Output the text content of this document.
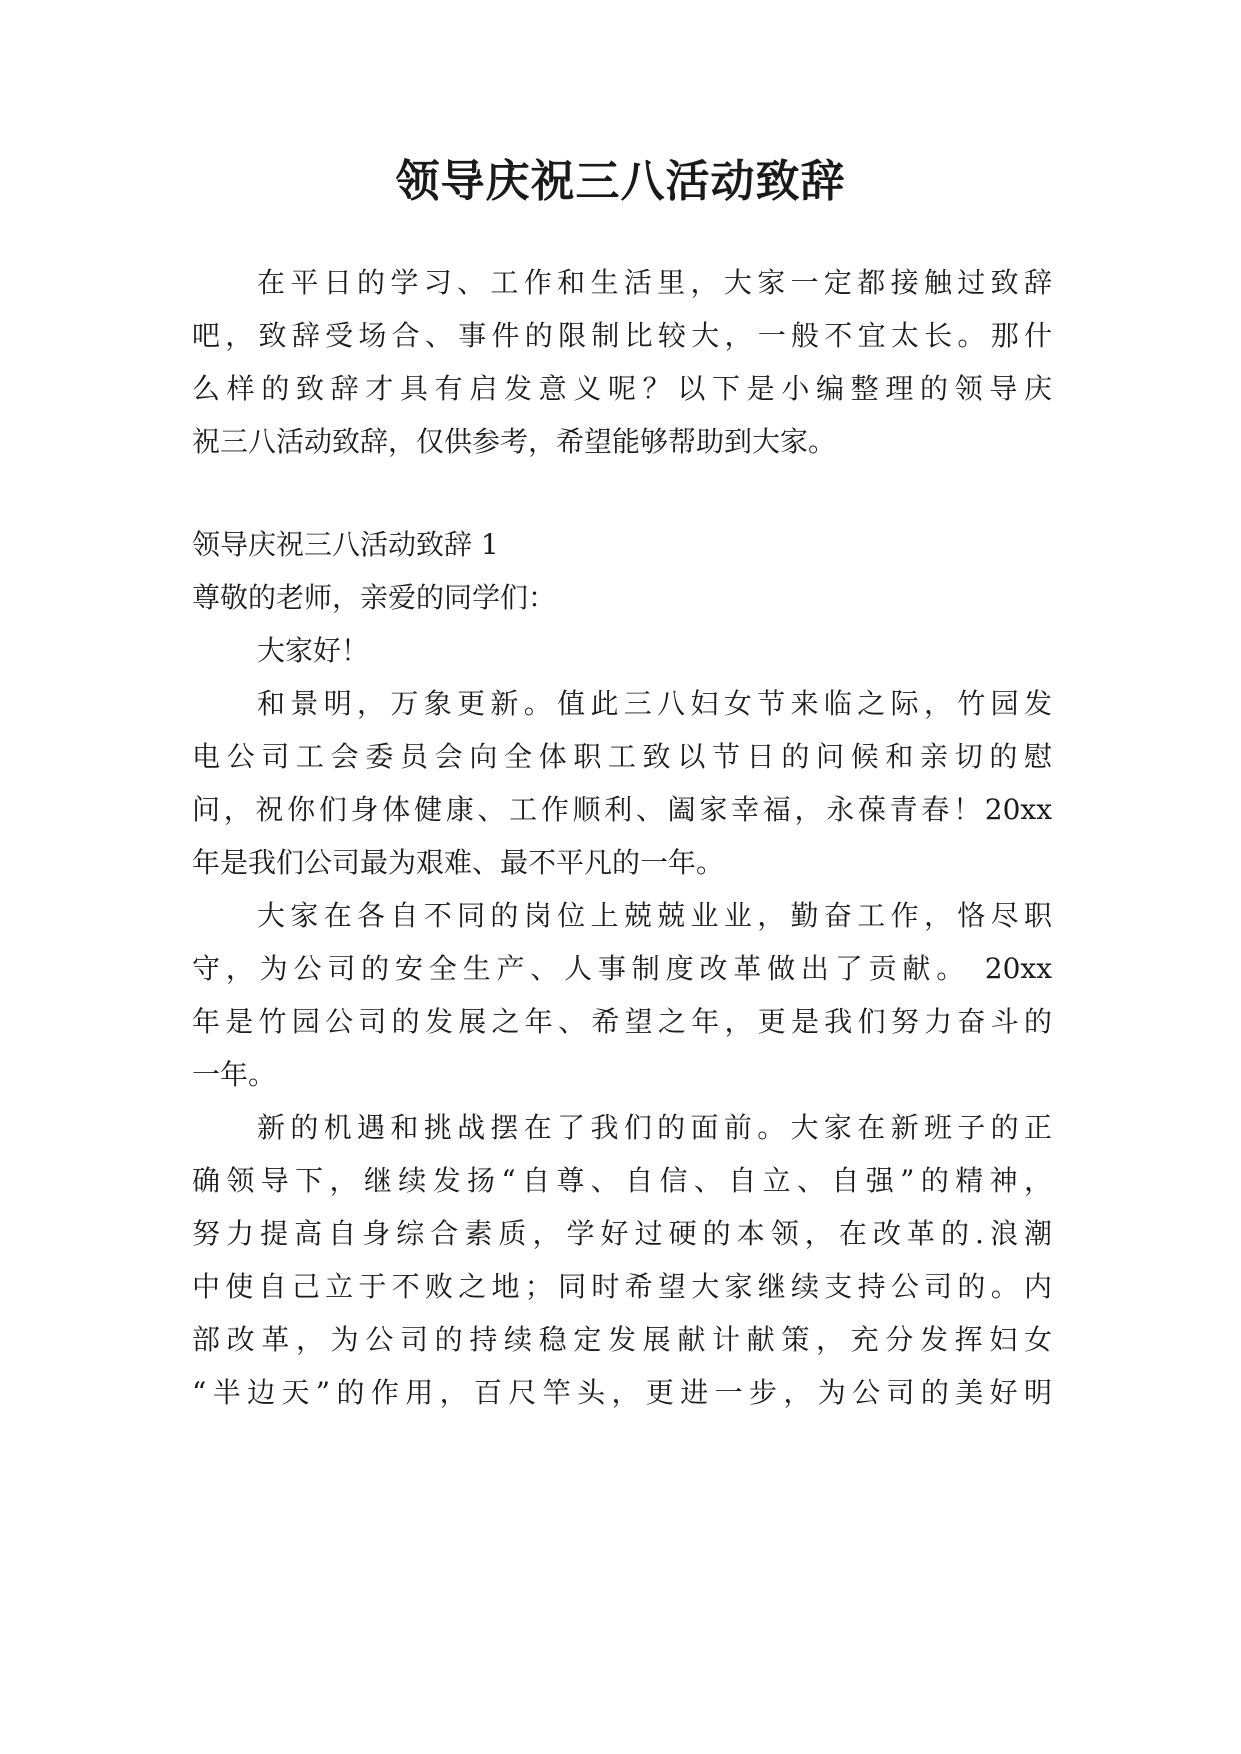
领导庆祝三八活动致辞
在平日的学习、工作和生活里，大家一定都接触过致辞
吧，致辞受场合、事件的限制比较大，一般不宜太长。那什
么样的致辞才具有启发意义呢？以下是小编整理的领导庆
祝三八活动致辞，仅供参考，希望能够帮助到大家。
领导庆祝三八活动致辞 1
尊敬的老师，亲爱的同学们：
大家好！
和景明，万象更新。值此三八妇女节来临之际，竹园发
电公司工会委员会向全体职工致以节日的问候和亲切的慰
问，祝你们身体健康、工作顺利、阖家幸福，永葆青春！20xx
年是我们公司最为艰难、最不平凡的一年。
大家在各自不同的岗位上兢兢业业，勤奋工作，恪尽职
守，为公司的安全生产、人事制度改革做出了贡献。 20xx
年是竹园公司的发展之年、希望之年，更是我们努力奋斗的
一年。
新的机遇和挑战摆在了我们的面前。大家在新班子的正
确领导下，继续发扬“自尊、自信、自立、自强”的精神，
努力提高自身综合素质，学好过硬的本领，在改革的.浪潮
中使自己立于不败之地；同时希望大家继续支持公司的。内
部改革，为公司的持续稳定发展献计献策，充分发挥妇女
“半边天”的作用，百尺竿头，更进一步，为公司的美好明
